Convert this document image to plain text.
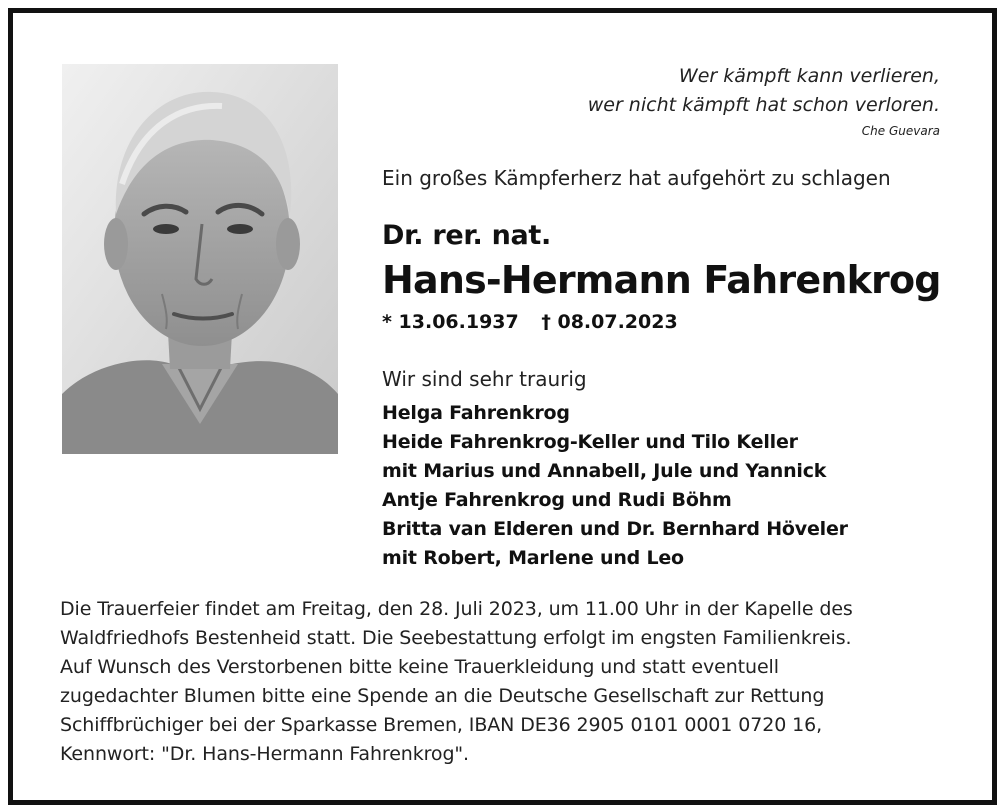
Wer kämpft kann verlieren,
wer nicht kämpft hat schon verloren.
Che Guevara
Ein großes Kämpferherz hat aufgehört zu schlagen
Dr. rer. nat.
Hans-Hermann Fahrenkrog
* 13.06.1937 † 08.07.2023
Wir sind sehr traurig
Helga Fahrenkrog
Heide Fahrenkrog-Keller und Tilo Keller
mit Marius und Annabell, Jule und Yannick
Antje Fahrenkrog und Rudi Böhm
Britta van Elderen und Dr. Bernhard Höveler
mit Robert, Marlene und Leo

Die Trauerfeier findet am Freitag, den 28. Juli 2023, um 11.00 Uhr in der Kapelle des
Waldfriedhofs Bestenheid statt. Die Seebestattung erfolgt im engsten Familienkreis.
Auf Wunsch des Verstorbenen bitte keine Trauerkleidung und statt eventuell
zugedachter Blumen bitte eine Spende an die Deutsche Gesellschaft zur Rettung
Schiffbrüchiger bei der Sparkasse Bremen, IBAN DE36 2905 0101 0001 0720 16,
Kennwort: "Dr. Hans-Hermann Fahrenkrog".
